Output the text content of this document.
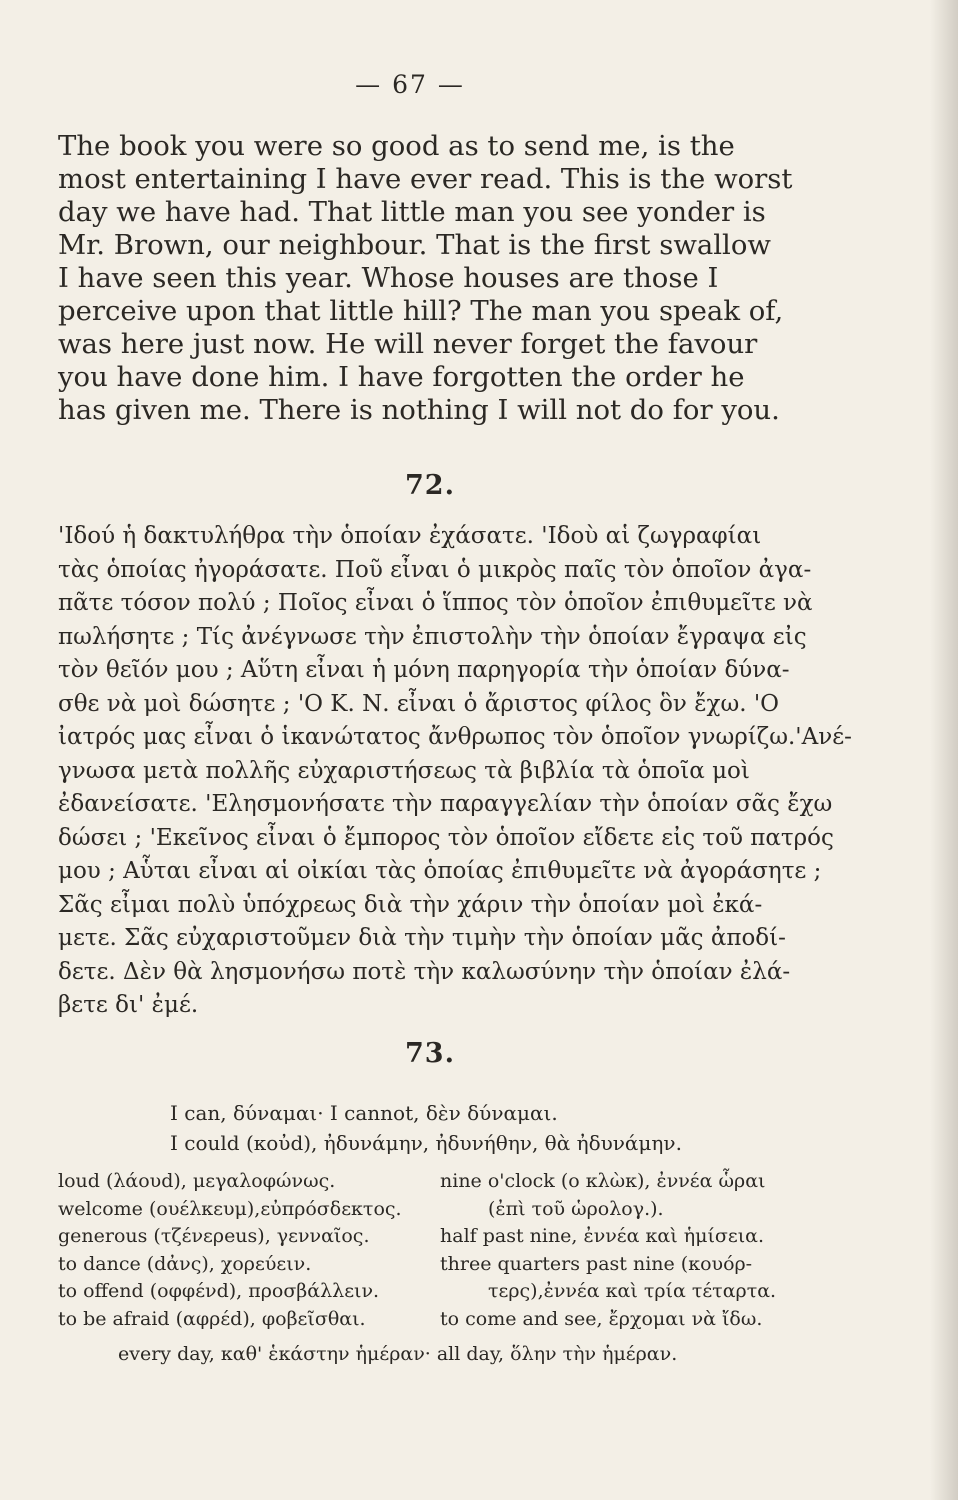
— 67 —
The book you were so good as to send me, is the
most entertaining I have ever read. This is the worst
day we have had. That little man you see yonder is
Mr. Brown, our neighbour. That is the first swallow
I have seen this year. Whose houses are those I
perceive upon that little hill? The man you speak of,
was here just now. He will never forget the favour
you have done him. I have forgotten the order he
has given me. There is nothing I will not do for you.
72.
'Ιδού ἡ δακτυλήθρα τὴν ὁποίαν ἐχάσατε. 'Ιδοὺ αἱ ζωγραφίαι
τὰς ὁποίας ἠγοράσατε. Ποῦ εἶναι ὁ μικρὸς παῖς τὸν ὁποῖον ἀγα-
πᾶτε τόσον πολύ ; Ποῖος εἶναι ὁ ἵππος τὸν ὁποῖον ἐπιθυμεῖτε νὰ
πωλήσητε ; Τίς ἀνέγνωσε τὴν ἐπιστολὴν τὴν ὁποίαν ἔγραψα εἰς
τὸν θεῖόν μου ; Αὕτη εἶναι ἡ μόνη παρηγορία τὴν ὁποίαν δύνα-
σθε νὰ μοὶ δώσητε ; 'Ο Κ. Ν. εἶναι ὁ ἄριστος φίλος ὃν ἔχω. 'Ο
ἰατρός μας εἶναι ὁ ἱκανώτατος ἄνθρωπος τὸν ὁποῖον γνωρίζω.'Ανέ-
γνωσα μετὰ πολλῆς εὐχαριστήσεως τὰ βιβλία τὰ ὁποῖα μοὶ
ἐδανείσατε. 'Ελησμονήσατε τὴν παραγγελίαν τὴν ὁποίαν σᾶς ἔχω
δώσει ; 'Εκεῖνος εἶναι ὁ ἔμπορος τὸν ὁποῖον εἴδετε εἰς τοῦ πατρός
μου ; Αὗται εἶναι αἱ οἰκίαι τὰς ὁποίας ἐπιθυμεῖτε νὰ ἀγοράσητε ;
Σᾶς εἶμαι πολὺ ὑπόχρεως διὰ τὴν χάριν τὴν ὁποίαν μοὶ ἐκά-
μετε. Σᾶς εὐχαριστοῦμεν διὰ τὴν τιμὴν τὴν ὁποίαν μᾶς ἀποδί-
δετε. Δὲν θὰ λησμονήσω ποτὲ τὴν καλωσύνην τὴν ὁποίαν ἐλά-
βετε δι' ἐμέ.
73.
I can, δύναμαι· I cannot, δὲν δύναμαι.
I could (κοὐd), ἠδυνάμην, ἠδυνήθην, θὰ ἠδυνάμην.
loud (λάουd), μεγαλοφώνως.
welcome (ουέλκευμ),εὐπρόσδεκτος.
generous (τζένερeus), γενναῖος.
to dance (dἀνς), χορεύειν.
to offend (οφφένd), προσβάλλειν.
to be afraid (αφρέd), φοβεῖσθαι.
nine o'clock (ο κλὼκ), ἐννέα ὧραι
(ἐπὶ τοῦ ὡρολογ.).
half past nine, ἐννέα καὶ ἡμίσεια.
three quarters past nine (κουόρ-
τερς),ἐννέα καὶ τρία τέταρτα.
to come and see, ἔρχομαι νὰ ἴδω.
every day, καθ' ἑκάστην ἡμέραν· all day, ὅλην τὴν ἡμέραν.
